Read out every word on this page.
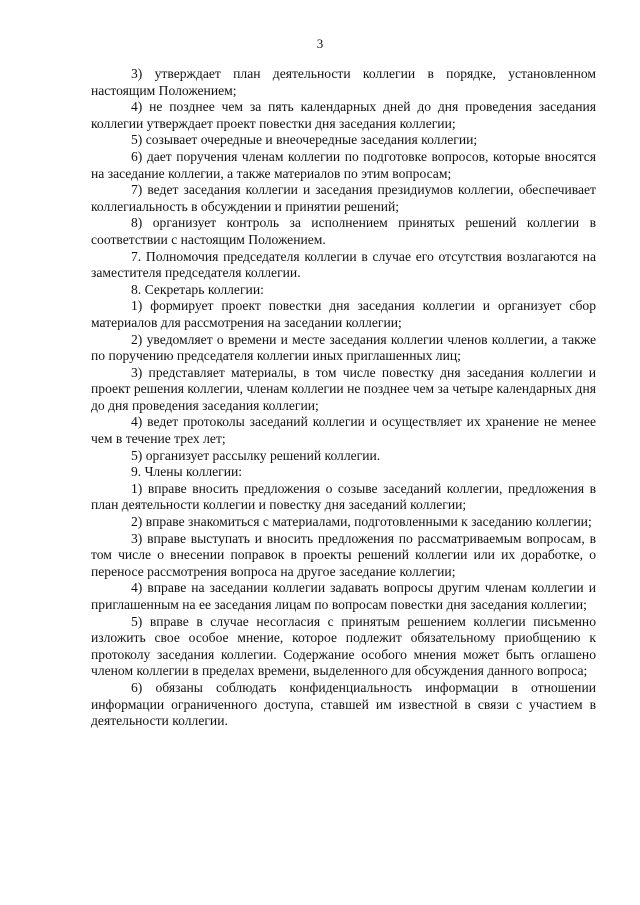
3

3) утверждает план деятельности коллегии в порядке, установленном настоящим Положением;

4) не позднее чем за пять календарных дней до дня проведения заседания коллегии утверждает проект повестки дня заседания коллегии;

5) созывает очередные и внеочередные заседания коллегии;

6) дает поручения членам коллегии по подготовке вопросов, которые вносятся на заседание коллегии, а также материалов по этим вопросам;

7) ведет заседания коллегии и заседания президиумов коллегии, обеспечивает коллегиальность в обсуждении и принятии решений;

8) организует контроль за исполнением принятых решений коллегии в соответствии с настоящим Положением.

7. Полномочия председателя коллегии в случае его отсутствия возлагаются на заместителя председателя коллегии.

8. Секретарь коллегии:

1) формирует проект повестки дня заседания коллегии и организует сбор материалов для рассмотрения на заседании коллегии;

2) уведомляет о времени и месте заседания коллегии членов коллегии, а также по поручению председателя коллегии иных приглашенных лиц;

3) представляет материалы, в том числе повестку дня заседания коллегии и проект решения коллегии, членам коллегии не позднее чем за четыре календарных дня до дня проведения заседания коллегии;

4) ведет протоколы заседаний коллегии и осуществляет их хранение не менее чем в течение трех лет;

5) организует рассылку решений коллегии.

9. Члены коллегии:

1) вправе вносить предложения о созыве заседаний коллегии, предложения в план деятельности коллегии и повестку дня заседаний коллегии;

2) вправе знакомиться с материалами, подготовленными к заседанию коллегии;

3) вправе выступать и вносить предложения по рассматриваемым вопросам, в том числе о внесении поправок в проекты решений коллегии или их доработке, о переносе рассмотрения вопроса на другое заседание коллегии;

4) вправе на заседании коллегии задавать вопросы другим членам коллегии и приглашенным на ее заседания лицам по вопросам повестки дня заседания коллегии;

5) вправе в случае несогласия с принятым решением коллегии письменно изложить свое особое мнение, которое подлежит обязательному приобщению к протоколу заседания коллегии. Содержание особого мнения может быть оглашено членом коллегии в пределах времени, выделенного для обсуждения данного вопроса;

6) обязаны соблюдать конфиденциальность информации в отношении информации ограниченного доступа, ставшей им известной в связи с участием в деятельности коллегии.
